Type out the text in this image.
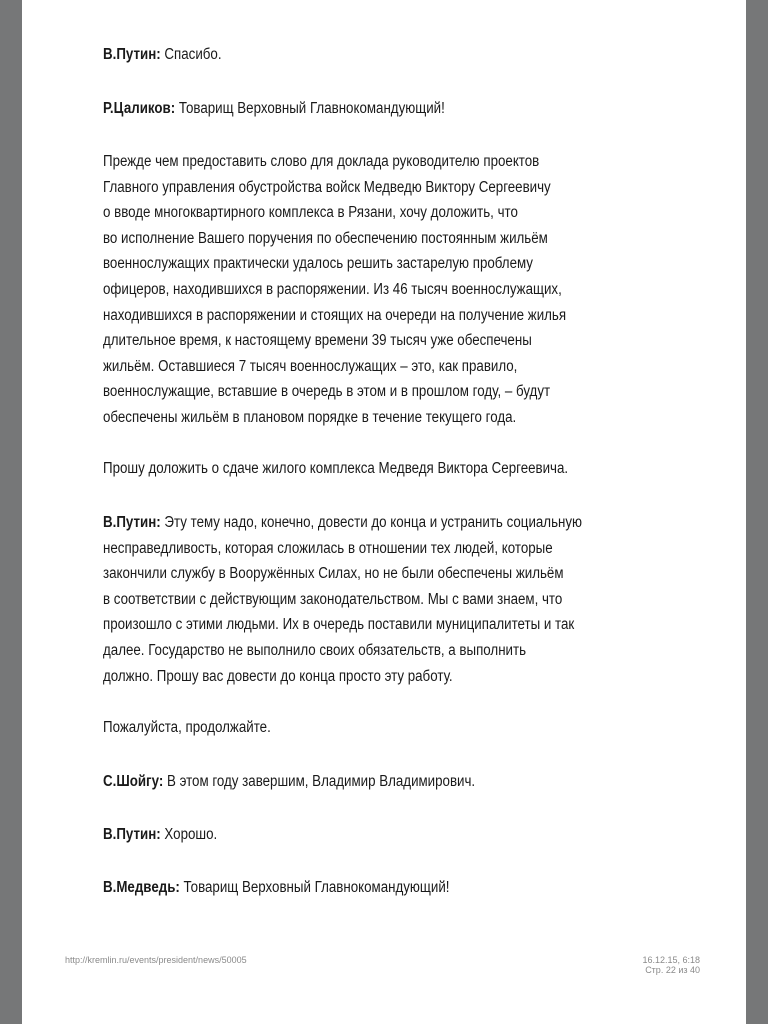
В.Путин: Спасибо.
Р.Цаликов: Товарищ Верховный Главнокомандующий!
Прежде чем предоставить слово для доклада руководителю проектов
Главного управления обустройства войск Медведю Виктору Сергеевичу
о вводе многоквартирного комплекса в Рязани, хочу доложить, что
во исполнение Вашего поручения по обеспечению постоянным жильём
военнослужащих практически удалось решить застарелую проблему
офицеров, находившихся в распоряжении. Из 46 тысяч военнослужащих,
находившихся в распоряжении и стоящих на очереди на получение жилья
длительное время, к настоящему времени 39 тысяч уже обеспечены
жильём. Оставшиеся 7 тысяч военнослужащих – это, как правило,
военнослужащие, вставшие в очередь в этом и в прошлом году, – будут
обеспечены жильём в плановом порядке в течение текущего года.
Прошу доложить о сдаче жилого комплекса Медведя Виктора Сергеевича.
В.Путин: Эту тему надо, конечно, довести до конца и устранить социальную
несправедливость, которая сложилась в отношении тех людей, которые
закончили службу в Вооружённых Силах, но не были обеспечены жильём
в соответствии с действующим законодательством. Мы с вами знаем, что
произошло с этими людьми. Их в очередь поставили муниципалитеты и так
далее. Государство не выполнило своих обязательств, а выполнить
должно. Прошу вас довести до конца просто эту работу.
Пожалуйста, продолжайте.
С.Шойгу: В этом году завершим, Владимир Владимирович.
В.Путин: Хорошо.
В.Медведь: Товарищ Верховный Главнокомандующий!
http://kremlin.ru/events/president/news/50005	16.12.15, 6:18
Стр. 22 из 40
